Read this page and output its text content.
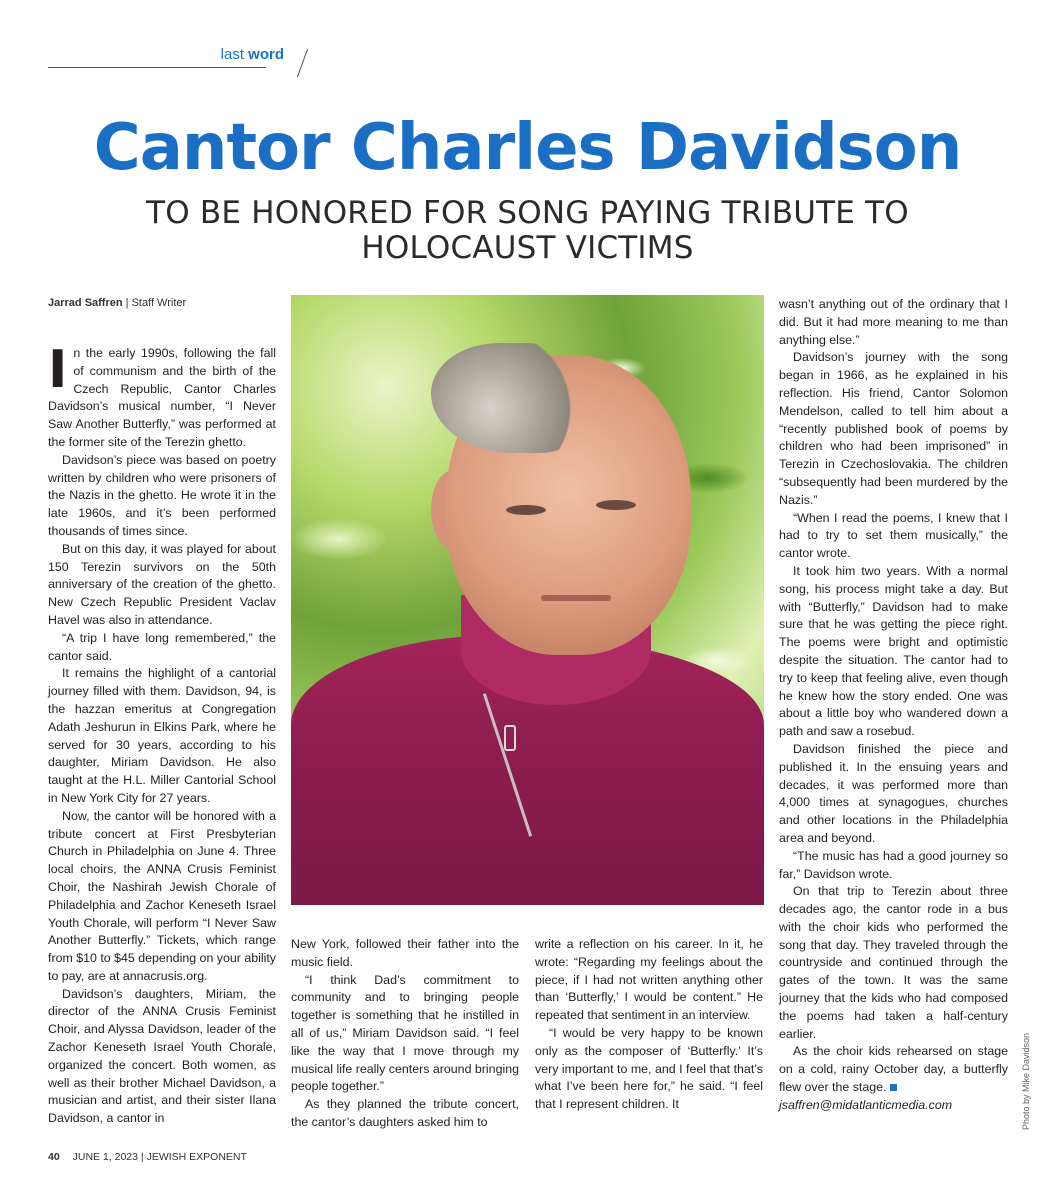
last word
Cantor Charles Davidson
TO BE HONORED FOR SONG PAYING TRIBUTE TO HOLOCAUST VICTIMS
Jarrad Saffren | Staff Writer

In the early 1990s, following the fall of communism and the birth of the Czech Republic, Cantor Charles Davidson’s musical number, “I Never Saw Another Butterfly,” was performed at the former site of the Terezin ghetto.

Davidson’s piece was based on poetry written by children who were prisoners of the Nazis in the ghetto. He wrote it in the late 1960s, and it’s been performed thousands of times since.

But on this day, it was played for about 150 Terezin survivors on the 50th anniversary of the creation of the ghetto. New Czech Republic President Vaclav Havel was also in attendance.

“A trip I have long remembered,” the cantor said.

It remains the highlight of a cantorial journey filled with them. Davidson, 94, is the hazzan emeritus at Congregation Adath Jeshurun in Elkins Park, where he served for 30 years, according to his daughter, Miriam Davidson. He also taught at the H.L. Miller Cantorial School in New York City for 27 years.

Now, the cantor will be honored with a tribute concert at First Presbyterian Church in Philadelphia on June 4. Three local choirs, the ANNA Crusis Feminist Choir, the Nashirah Jewish Chorale of Philadelphia and Zachor Keneseth Israel Youth Chorale, will perform “I Never Saw Another Butterfly.” Tickets, which range from $10 to $45 depending on your ability to pay, are at annacrusis.org.

Davidson’s daughters, Miriam, the director of the ANNA Crusis Feminist Choir, and Alyssa Davidson, leader of the Zachor Keneseth Israel Youth Chorale, organized the concert. Both women, as well as their brother Michael Davidson, a musician and artist, and their sister Ilana Davidson, a cantor in

New York, followed their father into the music field.

“I think Dad’s commitment to community and to bringing people together is something that he instilled in all of us,” Miriam Davidson said. “I feel like the way that I move through my musical life really centers around bringing people together.”

As they planned the tribute concert, the cantor’s daughters asked him to

write a reflection on his career. In it, he wrote: “Regarding my feelings about the piece, if I had not written anything other than ‘Butterfly,’ I would be content.” He repeated that sentiment in an interview.

“I would be very happy to be known only as the composer of ‘Butterfly.’ It’s very important to me, and I feel that that’s what I’ve been here for,” he said. “I feel that I represent children. It

wasn’t anything out of the ordinary that I did. But it had more meaning to me than anything else.”

Davidson’s journey with the song began in 1966, as he explained in his reflection. His friend, Cantor Solomon Mendelson, called to tell him about a “recently published book of poems by children who had been imprisoned” in Terezin in Czechoslovakia. The children “subsequently had been murdered by the Nazis.”

“When I read the poems, I knew that I had to try to set them musically,” the cantor wrote.

It took him two years. With a normal song, his process might take a day. But with “Butterfly,” Davidson had to make sure that he was getting the piece right. The poems were bright and optimistic despite the situation. The cantor had to try to keep that feeling alive, even though he knew how the story ended. One was about a little boy who wandered down a path and saw a rosebud.

Davidson finished the piece and published it. In the ensuing years and decades, it was performed more than 4,000 times at synagogues, churches and other locations in the Philadelphia area and beyond.

“The music has had a good journey so far,” Davidson wrote.

On that trip to Terezin about three decades ago, the cantor rode in a bus with the choir kids who performed the song that day. They traveled through the countryside and continued through the gates of the town. It was the same journey that the kids who had composed the poems had taken a half-century earlier.

As the choir kids rehearsed on stage on a cold, rainy October day, a butterfly flew over the stage.

jsaffren@midatlanticmedia.com	Photo by Mike Davidson
40 JUNE 1, 2023 | JEWISH EXPONENT
